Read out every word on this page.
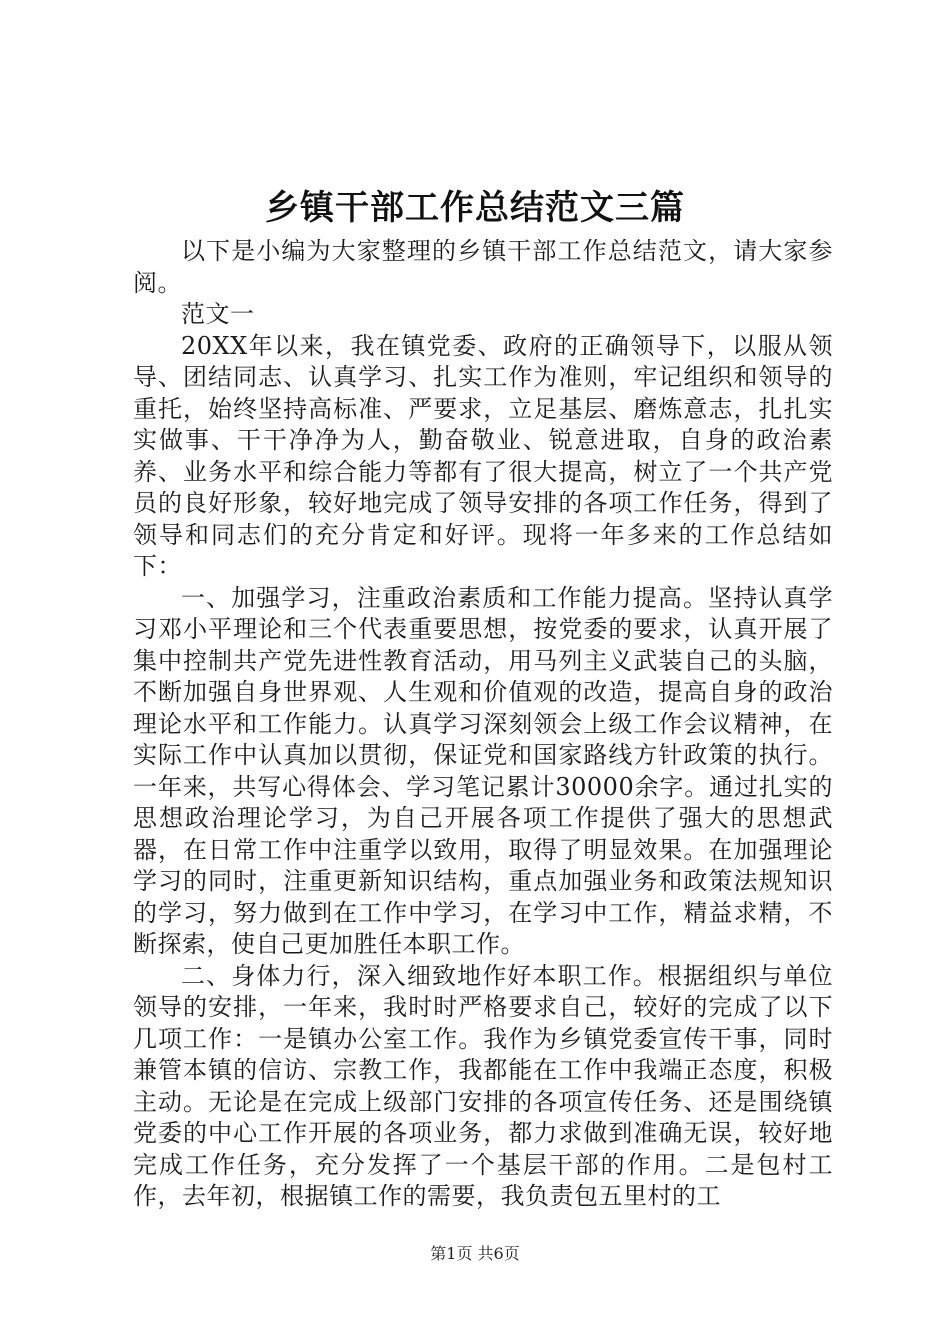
乡镇干部工作总结范文三篇

以下是小编为大家整理的乡镇干部工作总结范文，请大家参阅。

范文一

20XX年以来，我在镇党委、政府的正确领导下，以服从领导、团结同志、认真学习、扎实工作为准则，牢记组织和领导的重托，始终坚持高标准、严要求，立足基层、磨炼意志，扎扎实实做事、干干净净为人，勤奋敬业、锐意进取，自身的政治素养、业务水平和综合能力等都有了很大提高，树立了一个共产党员的良好形象，较好地完成了领导安排的各项工作任务，得到了领导和同志们的充分肯定和好评。现将一年多来的工作总结如下：

一、加强学习，注重政治素质和工作能力提高。坚持认真学习邓小平理论和三个代表重要思想，按党委的要求，认真开展了集中控制共产党先进性教育活动，用马列主义武装自己的头脑，不断加强自身世界观、人生观和价值观的改造，提高自身的政治理论水平和工作能力。认真学习深刻领会上级工作会议精神，在实际工作中认真加以贯彻，保证党和国家路线方针政策的执行。一年来，共写心得体会、学习笔记累计30000余字。通过扎实的思想政治理论学习，为自己开展各项工作提供了强大的思想武器，在日常工作中注重学以致用，取得了明显效果。在加强理论学习的同时，注重更新知识结构，重点加强业务和政策法规知识的学习，努力做到在工作中学习，在学习中工作，精益求精，不断探索，使自己更加胜任本职工作。

二、身体力行，深入细致地作好本职工作。根据组织与单位领导的安排，一年来，我时时严格要求自己，较好的完成了以下几项工作：一是镇办公室工作。我作为乡镇党委宣传干事，同时兼管本镇的信访、宗教工作，我都能在工作中我端正态度，积极主动。无论是在完成上级部门安排的各项宣传任务、还是围绕镇党委的中心工作开展的各项业务，都力求做到准确无误，较好地完成工作任务，充分发挥了一个基层干部的作用。二是包村工作，去年初，根据镇工作的需要，我负责包五里村的工

第1页 共6页
